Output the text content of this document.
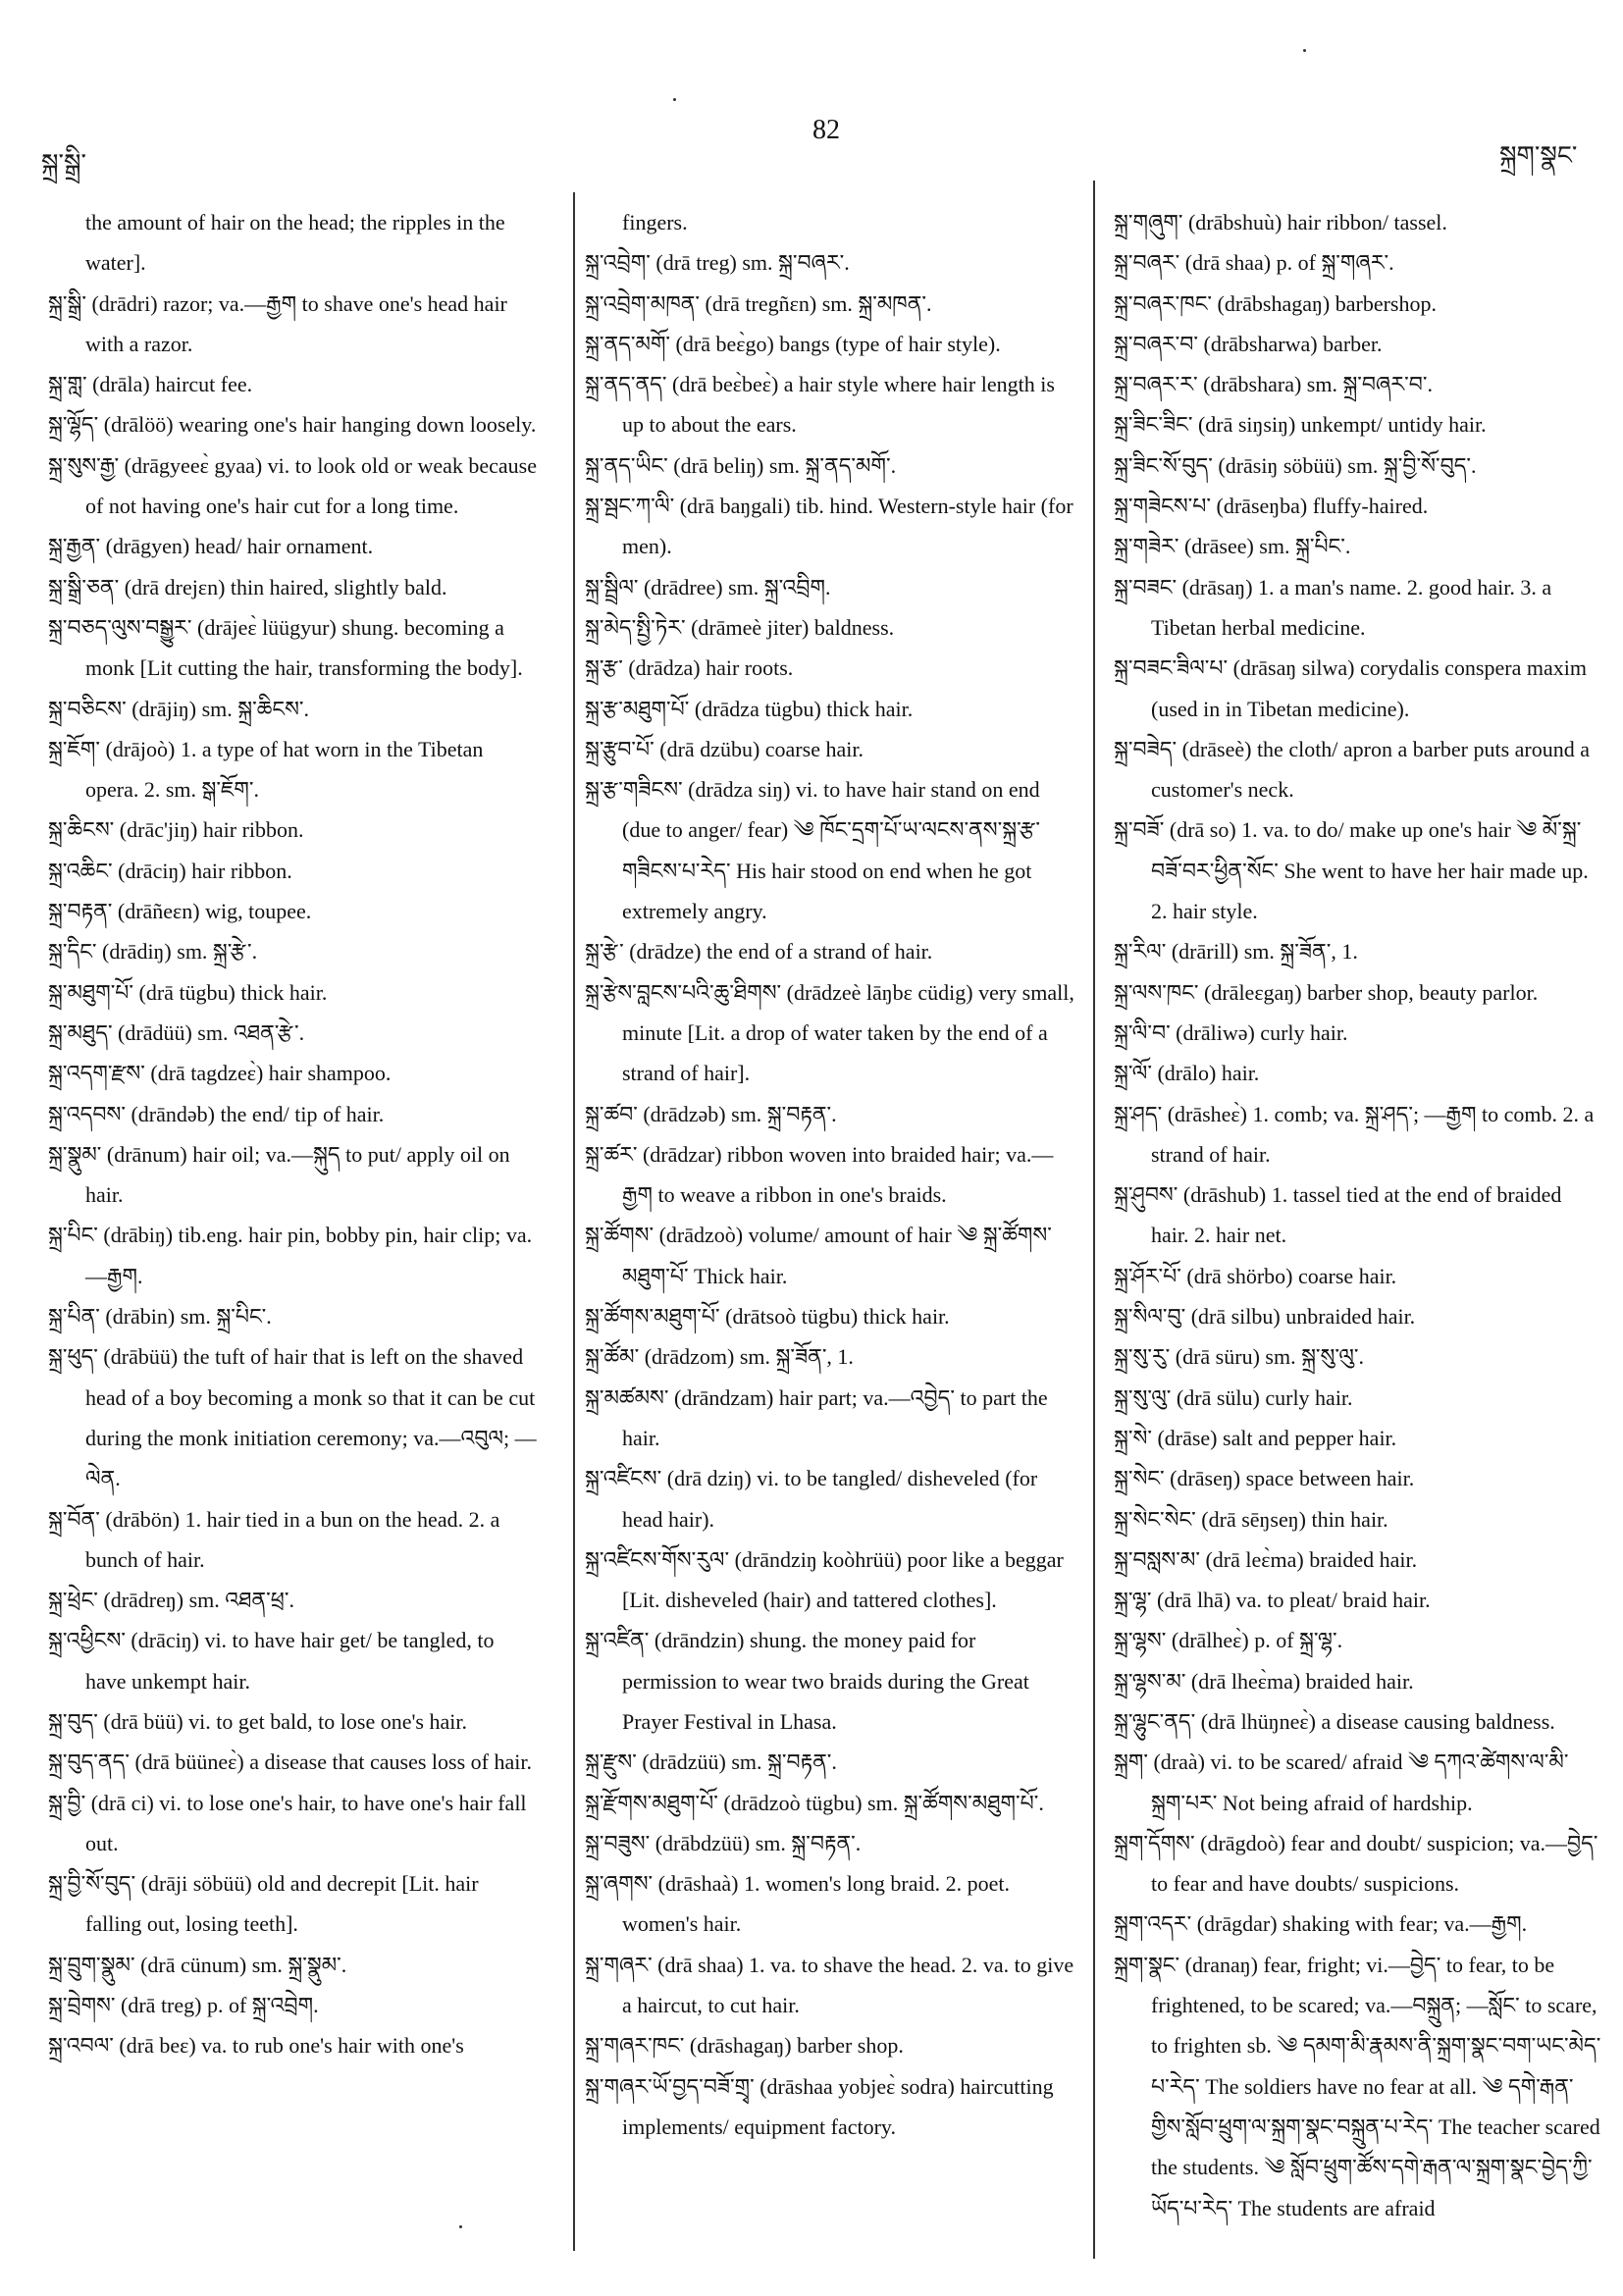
སྐྲ་སྒྲི་
82
སྐྲག་སྣང་

the amount of hair on the head; the ripples in the water].

སྐྲ་སྒྲི་ (drādri) razor; va.—རྒྱག to shave one's head hair with a razor.

སྐྲ་གླ་ (drāla) haircut fee.

སྐྲ་ལྷོད་ (drālöö) wearing one's hair hanging down loosely.

སྐྲ་སུས་རྒྱ་ (drāgyeeɛ̀ gyaa) vi. to look old or weak because of not having one's hair cut for a long time.

སྐྲ་རྒྱན་ (drāgyen) head/ hair ornament.

སྐྲ་སྒྲི་ཅན་ (drā drejɛn) thin haired, slightly bald.

སྐྲ་བཅད་ལུས་བསྒྱུར་ (drājeɛ̀ lüügyur) shung. becoming a monk [Lit cutting the hair, transforming the body].

སྐྲ་བཅིངས་ (drājiŋ) sm. སྐྲ་ཆིངས་.

སྐྲ་ཇོག་ (drājoò) 1. a type of hat worn in the Tibetan opera. 2. sm. སྒ་ཇོག་.

སྐྲ་ཆིངས་ (drāc'jiŋ) hair ribbon.

སྐྲ་འཆིང་ (drāciŋ) hair ribbon.

སྐྲ་བརྟན་ (drāñeɛn) wig, toupee.

སྐྲ་དིང་ (drādiŋ) sm. སྐྲ་རྩེ་.

སྐྲ་མཐུག་པོ་ (drā tügbu) thick hair.

སྐྲ་མཐུད་ (drādüü) sm. འཐན་རྩེ་.

སྐྲ་འདག་རྫས་ (drā tagdzeɛ̀) hair shampoo.

སྐྲ་འདབས་ (drāndəb) the end/ tip of hair.

སྐྲ་སྣུམ་ (drānum) hair oil; va.—སྐུད to put/ apply oil on hair.

སྐྲ་པིང་ (drābiŋ) tib.eng. hair pin, bobby pin, hair clip; va.—རྒྱག.

སྐྲ་པིན་ (drābin) sm. སྐྲ་པིང་.

སྐྲ་ཕུད་ (drābüü) the tuft of hair that is left on the shaved head of a boy becoming a monk so that it can be cut during the monk initiation ceremony; va.—འབུལ; —ལེན.

སྐྲ་བོན་ (drābön) 1. hair tied in a bun on the head. 2. a bunch of hair.

སྐྲ་ཕྲེང་ (drādreŋ) sm. འཐན་ཕྲ་.

སྐྲ་འཕྱིངས་ (drāciŋ) vi. to have hair get/ be tangled, to have unkempt hair.

སྐྲ་བུད་ (drā büü) vi. to get bald, to lose one's hair.

སྐྲ་བུད་ནད་ (drā büüneɛ̀) a disease that causes loss of hair.

སྐྲ་བྱི་ (drā ci) vi. to lose one's hair, to have one's hair fall out.

སྐྲ་བྱི་སོ་བུད་ (drāji söbüü) old and decrepit [Lit. hair falling out, losing teeth].

སྐྲ་བྲུག་སྣུམ་ (drā cünum) sm. སྐྲ་སྣུམ་.

སྐྲ་བྲེགས་ (drā treg) p. of སྐྲ་འབྲེག.

སྐྲ་འབལ་ (drā beɛ) va. to rub one's hair with one's

fingers.

སྐྲ་འབྲེག་ (drā treg) sm. སྐྲ་བཞར་.

སྐྲ་འབྲེག་མཁན་ (drā tregñɛn) sm. སྐྲ་མཁན་.

སྐྲ་ནད་མགོ་ (drā beɛ̀go) bangs (type of hair style).

སྐྲ་ནད་ནད་ (drā beɛ̀beɛ̀) a hair style where hair length is up to about the ears.

སྐྲ་ནད་ཡིང་ (drā beliŋ) sm. སྐྲ་ནད་མགོ་.

སྐྲ་སྦང་ཀ་ལི་ (drā baŋgali) tib. hind. Western-style hair (for men).

སྐྲ་སྦྲིལ་ (drādree) sm. སྐྲ་འབྲིག.

སྐྲ་མེད་སྤྱི་ཏེར་ (drāmeè jiter) baldness.

སྐྲ་རྩ་ (drādza) hair roots.

སྐྲ་རྩ་མཐུག་པོ་ (drādza tügbu) thick hair.

སྐྲ་རྩུབ་པོ་ (drā dzübu) coarse hair.

སྐྲ་རྩ་གཟིངས་ (drādza siŋ) vi. to have hair stand on end (due to anger/ fear) ༄ ཁོང་དྲག་པོ་ཡ་ལངས་ནས་སྐྲ་རྩ་གཟིངས་པ་རེད་ His hair stood on end when he got extremely angry.

སྐྲ་རྩེ་ (drādze) the end of a strand of hair.

སྐྲ་རྩེས་བླངས་པའི་ཆུ་ཐིགས་ (drādzeè lāŋbɛ cüdig) very small, minute [Lit. a drop of water taken by the end of a strand of hair].

སྐྲ་ཚབ་ (drādzəb) sm. སྐྲ་བརྟན་.

སྐྲ་ཚར་ (drādzar) ribbon woven into braided hair; va.—རྒྱག to weave a ribbon in one's braids.

སྐྲ་ཚོགས་ (drādzoò) volume/ amount of hair ༄ སྐྲ་ཚོགས་མཐུག་པོ་ Thick hair.

སྐྲ་ཚོགས་མཐུག་པོ་ (drātsoò tügbu) thick hair.

སྐྲ་ཚོམ་ (drādzom) sm. སྐྲ་ཟོན་, 1.

སྐྲ་མཚམས་ (drāndzam) hair part; va.—འབྱེད་ to part the hair.

སྐྲ་འཛིངས་ (drā dziŋ) vi. to be tangled/ disheveled (for head hair).

སྐྲ་འཛིངས་གོས་རུལ་ (drāndziŋ koòhrüü) poor like a beggar [Lit. disheveled (hair) and tattered clothes].

སྐྲ་འཛིན་ (drāndzin) shung. the money paid for permission to wear two braids during the Great Prayer Festival in Lhasa.

སྐྲ་རྫུས་ (drādzüü) sm. སྐྲ་བརྟན་.

སྐྲ་རྫོགས་མཐུག་པོ་ (drādzoò tügbu) sm. སྐྲ་ཚོགས་མཐུག་པོ་.

སྐྲ་བཟུས་ (drābdzüü) sm. སྐྲ་བརྟན་.

སྐྲ་ཞགས་ (drāshaà) 1. women's long braid. 2. poet. women's hair.

སྐྲ་གཞར་ (drā shaa) 1. va. to shave the head. 2. va. to give a haircut, to cut hair.

སྐྲ་གཞར་ཁང་ (drāshagaŋ) barber shop.

སྐྲ་གཞར་ཡོ་བྱད་བཟོ་གྲྭ་ (drāshaa yobjeɛ̀ sodra) haircutting implements/ equipment factory.

སྐྲ་གཞུག་ (drābshuù) hair ribbon/ tassel.

སྐྲ་བཞར་ (drā shaa) p. of སྐྲ་གཞར་.

སྐྲ་བཞར་ཁང་ (drābshagaŋ) barbershop.

སྐྲ་བཞར་བ་ (drābsharwa) barber.

སྐྲ་བཞར་ར་ (drābshara) sm. སྐྲ་བཞར་བ་.

སྐྲ་ཟིང་ཟིང་ (drā siŋsiŋ) unkempt/ untidy hair.

སྐྲ་ཟིང་སོ་བུད་ (drāsiŋ söbüü) sm. སྐྲ་བྱི་སོ་བུད་.

སྐྲ་གཟེངས་པ་ (drāseŋba) fluffy-haired.

སྐྲ་གཟེར་ (drāsee) sm. སྐྲ་པིང་.

སྐྲ་བཟང་ (drāsaŋ) 1. a man's name. 2. good hair. 3. a Tibetan herbal medicine.

སྐྲ་བཟང་ཟིལ་པ་ (drāsaŋ silwa) corydalis conspera maxim (used in in Tibetan medicine).

སྐྲ་བཟེད་ (drāseè) the cloth/ apron a barber puts around a customer's neck.

སྐྲ་བཟོ་ (drā so) 1. va. to do/ make up one's hair ༄ མོ་སྐྲ་བཟོ་བར་ཕྱིན་སོང་ She went to have her hair made up. 2. hair style.

སྐྲ་རིལ་ (drārill) sm. སྐྲ་ཟོན་, 1.

སྐྲ་ལས་ཁང་ (drāleɛgaŋ) barber shop, beauty parlor.

སྐྲ་ལི་བ་ (drāliwə) curly hair.

སྐྲ་ལོ་ (drālo) hair.

སྐྲ་ཤད་ (drāsheɛ̀) 1. comb; va. སྐྲ་ཤད་; —རྒྱག to comb. 2. a strand of hair.

སྐྲ་ཤུབས་ (drāshub) 1. tassel tied at the end of braided hair. 2. hair net.

སྐྲ་ཤོར་པོ་ (drā shörbo) coarse hair.

སྐྲ་སིལ་བུ་ (drā silbu) unbraided hair.

སྐྲ་སུ་རུ་ (drā süru) sm. སྐྲ་སུ་ལུ་.

སྐྲ་སུ་ལུ་ (drā sülu) curly hair.

སྐྲ་སེ་ (drāse) salt and pepper hair.

སྐྲ་སེང་ (drāseŋ) space between hair.

སྐྲ་སེང་སེང་ (drā sēŋseŋ) thin hair.

སྐྲ་བསླས་མ་ (drā leɛ̀ma) braided hair.

སྐྲ་ལྷ་ (drā lhā) va. to pleat/ braid hair.

སྐྲ་ལྷས་ (drālheɛ̀) p. of སྐྲ་ལྷ་.

སྐྲ་ལྷས་མ་ (drā lheɛ̀ma) braided hair.

སྐྲ་ལྷུང་ནད་ (drā lhüŋneɛ̀) a disease causing baldness.

སྐྲག་ (draà) vi. to be scared/ afraid ༄ དཀའ་ཚེགས་ལ་མི་སྐྲག་པར་ Not being afraid of hardship.

སྐྲག་དོགས་ (drāgdoò) fear and doubt/ suspicion; va.—བྱེད་ to fear and have doubts/ suspicions.

སྐྲག་འདར་ (drāgdar) shaking with fear; va.—རྒྱག.

སྐྲག་སྣང་ (dranaŋ) fear, fright; vi.—བྱེད་ to fear, to be frightened, to be scared; va.—བསྐྲུན; —སློང་ to scare, to frighten sb. ༄ དམག་མི་རྣམས་ནི་སྐྲག་སྣང་བག་ཡང་མེད་པ་རེད་ The soldiers have no fear at all. ༄ དགེ་རྒན་གྱིས་སློབ་ཕྲུག་ལ་སྐྲག་སྣང་བསྐྲུན་པ་རེད་ The teacher scared the students. ༄ སློབ་ཕྲུག་ཚོས་དགེ་རྒན་ལ་སྐྲག་སྣང་བྱེད་ཀྱི་ཡོད་པ་རེད་ The students are afraid
